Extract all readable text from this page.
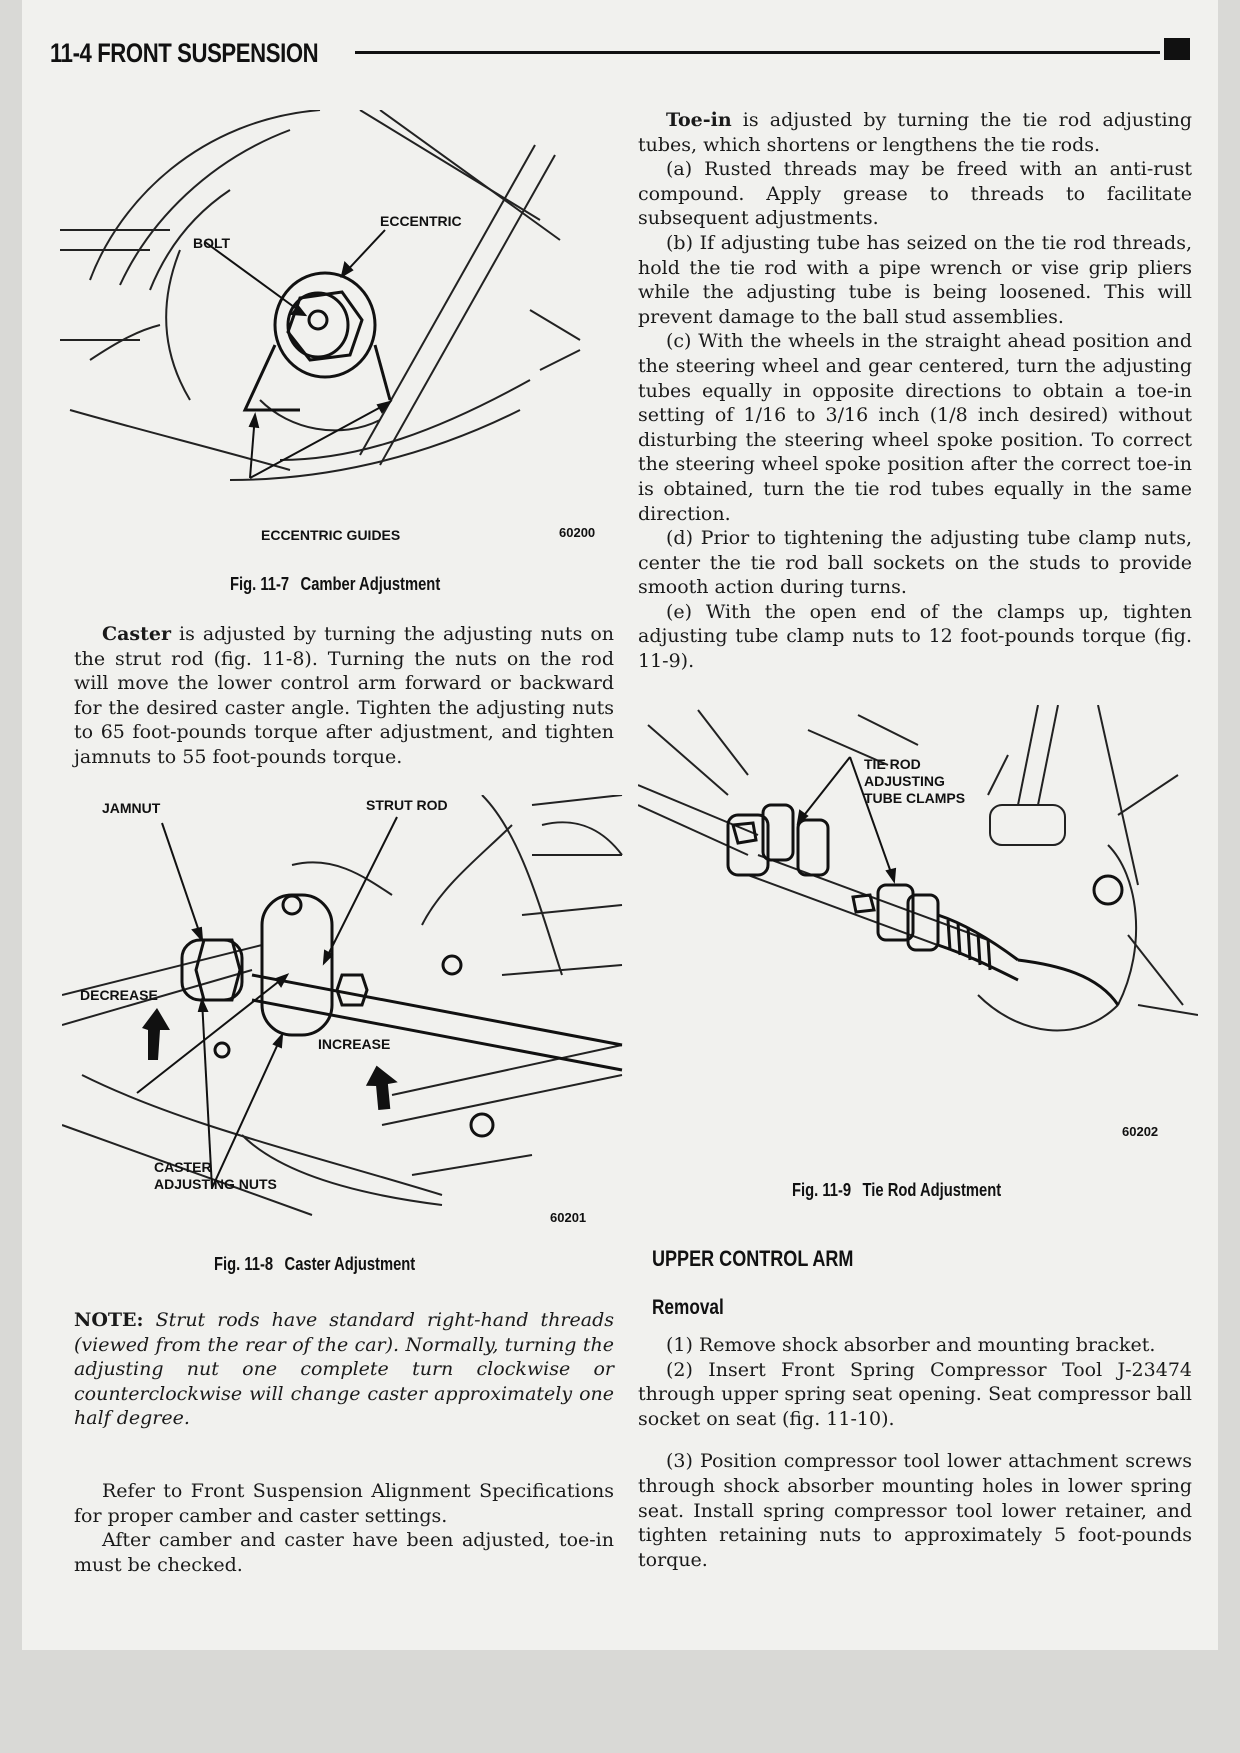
11-4 FRONT SUSPENSION
BOLT
ECCENTRIC
ECCENTRIC GUIDES	60200
Fig. 11-7 Camber Adjustment

Caster is adjusted by turning the adjusting nuts on the strut rod (fig. 11-8). Turning the nuts on the rod will move the lower control arm forward or backward for the desired caster angle. Tighten the adjusting nuts to 65 foot-pounds torque after adjustment, and tighten jamnuts to 55 foot-pounds torque.

JAMNUT	STRUT ROD
DECREASE
INCREASE
CASTER
ADJUSTING NUTS
60201
Fig. 11-8 Caster Adjustment

NOTE: Strut rods have standard right-hand threads (viewed from the rear of the car). Normally, turning the adjusting nut one complete turn clockwise or counterclockwise will change caster approximately one half degree.

Refer to Front Suspension Alignment Specifications for proper camber and caster settings.

After camber and caster have been adjusted, toe-in must be checked.

Toe-in is adjusted by turning the tie rod adjusting tubes, which shortens or lengthens the tie rods.

(a) Rusted threads may be freed with an anti-rust compound. Apply grease to threads to facilitate subsequent adjustments.

(b) If adjusting tube has seized on the tie rod threads, hold the tie rod with a pipe wrench or vise grip pliers while the adjusting tube is being loosened. This will prevent damage to the ball stud assemblies.

(c) With the wheels in the straight ahead position and the steering wheel and gear centered, turn the adjusting tubes equally in opposite directions to obtain a toe-in setting of 1/16 to 3/16 inch (1/8 inch desired) without disturbing the steering wheel spoke position. To correct the steering wheel spoke position after the correct toe-in is obtained, turn the tie rod tubes equally in the same direction.

(d) Prior to tightening the adjusting tube clamp nuts, center the tie rod ball sockets on the studs to provide smooth action during turns.

(e) With the open end of the clamps up, tighten adjusting tube clamp nuts to 12 foot-pounds torque (fig. 11-9).

TIE ROD
ADJUSTING
TUBE CLAMPS
60202
Fig. 11-9 Tie Rod Adjustment
UPPER CONTROL ARM
Removal

(1) Remove shock absorber and mounting bracket.

(2) Insert Front Spring Compressor Tool J-23474 through upper spring seat opening. Seat compressor ball socket on seat (fig. 11-10).

(3) Position compressor tool lower attachment screws through shock absorber mounting holes in lower spring seat. Install spring compressor tool lower retainer, and tighten retaining nuts to approximately 5 foot-pounds torque.
